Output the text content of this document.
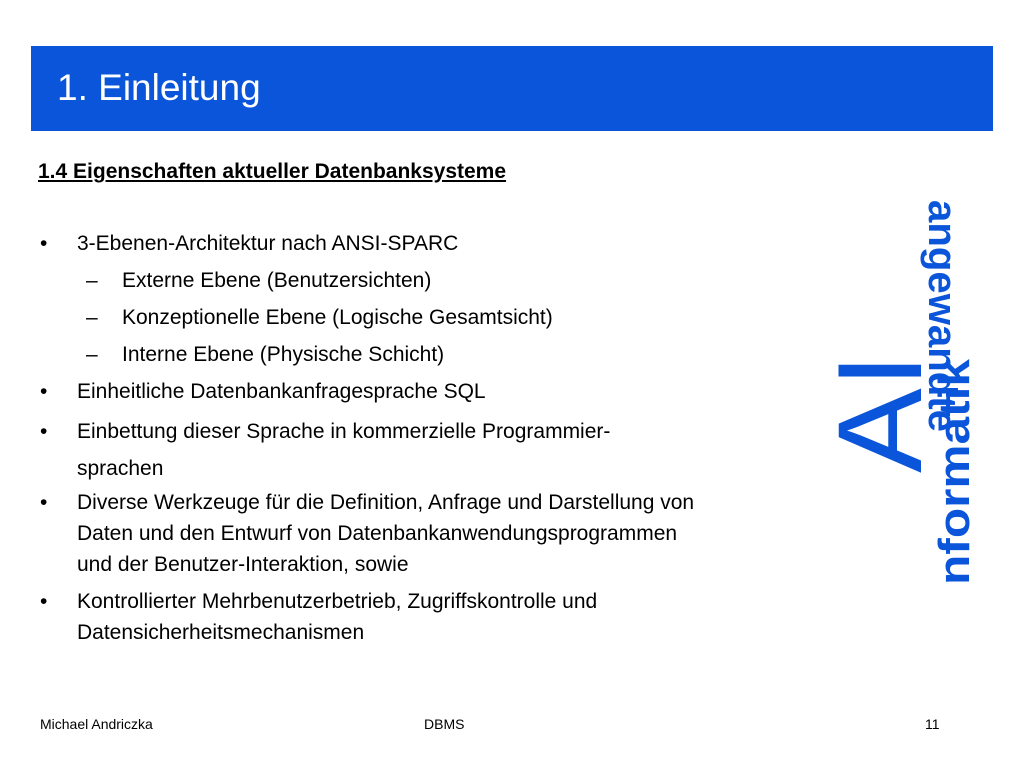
1. Einleitung
1.4 Eigenschaften aktueller Datenbanksysteme
• 3-Ebenen-Architektur nach ANSI-SPARC
– Externe Ebene (Benutzersichten)
– Konzeptionelle Ebene (Logische Gesamtsicht)
– Interne Ebene (Physische Schicht)
• Einheitliche Datenbankanfragesprache SQL
• Einbettung dieser Sprache in kommerzielle Programmier-
sprachen
• Diverse Werkzeuge für die Definition, Anfrage und Darstellung von
Daten und den Entwurf von Datenbankanwendungsprogrammen
und der Benutzer-Interaktion, sowie
• Kontrollierter Mehrbenutzerbetrieb, Zugriffskontrolle und
Datensicherheitsmechanismen
nformatik
AI
angewandte
Michael Andriczka	DBMS	11
